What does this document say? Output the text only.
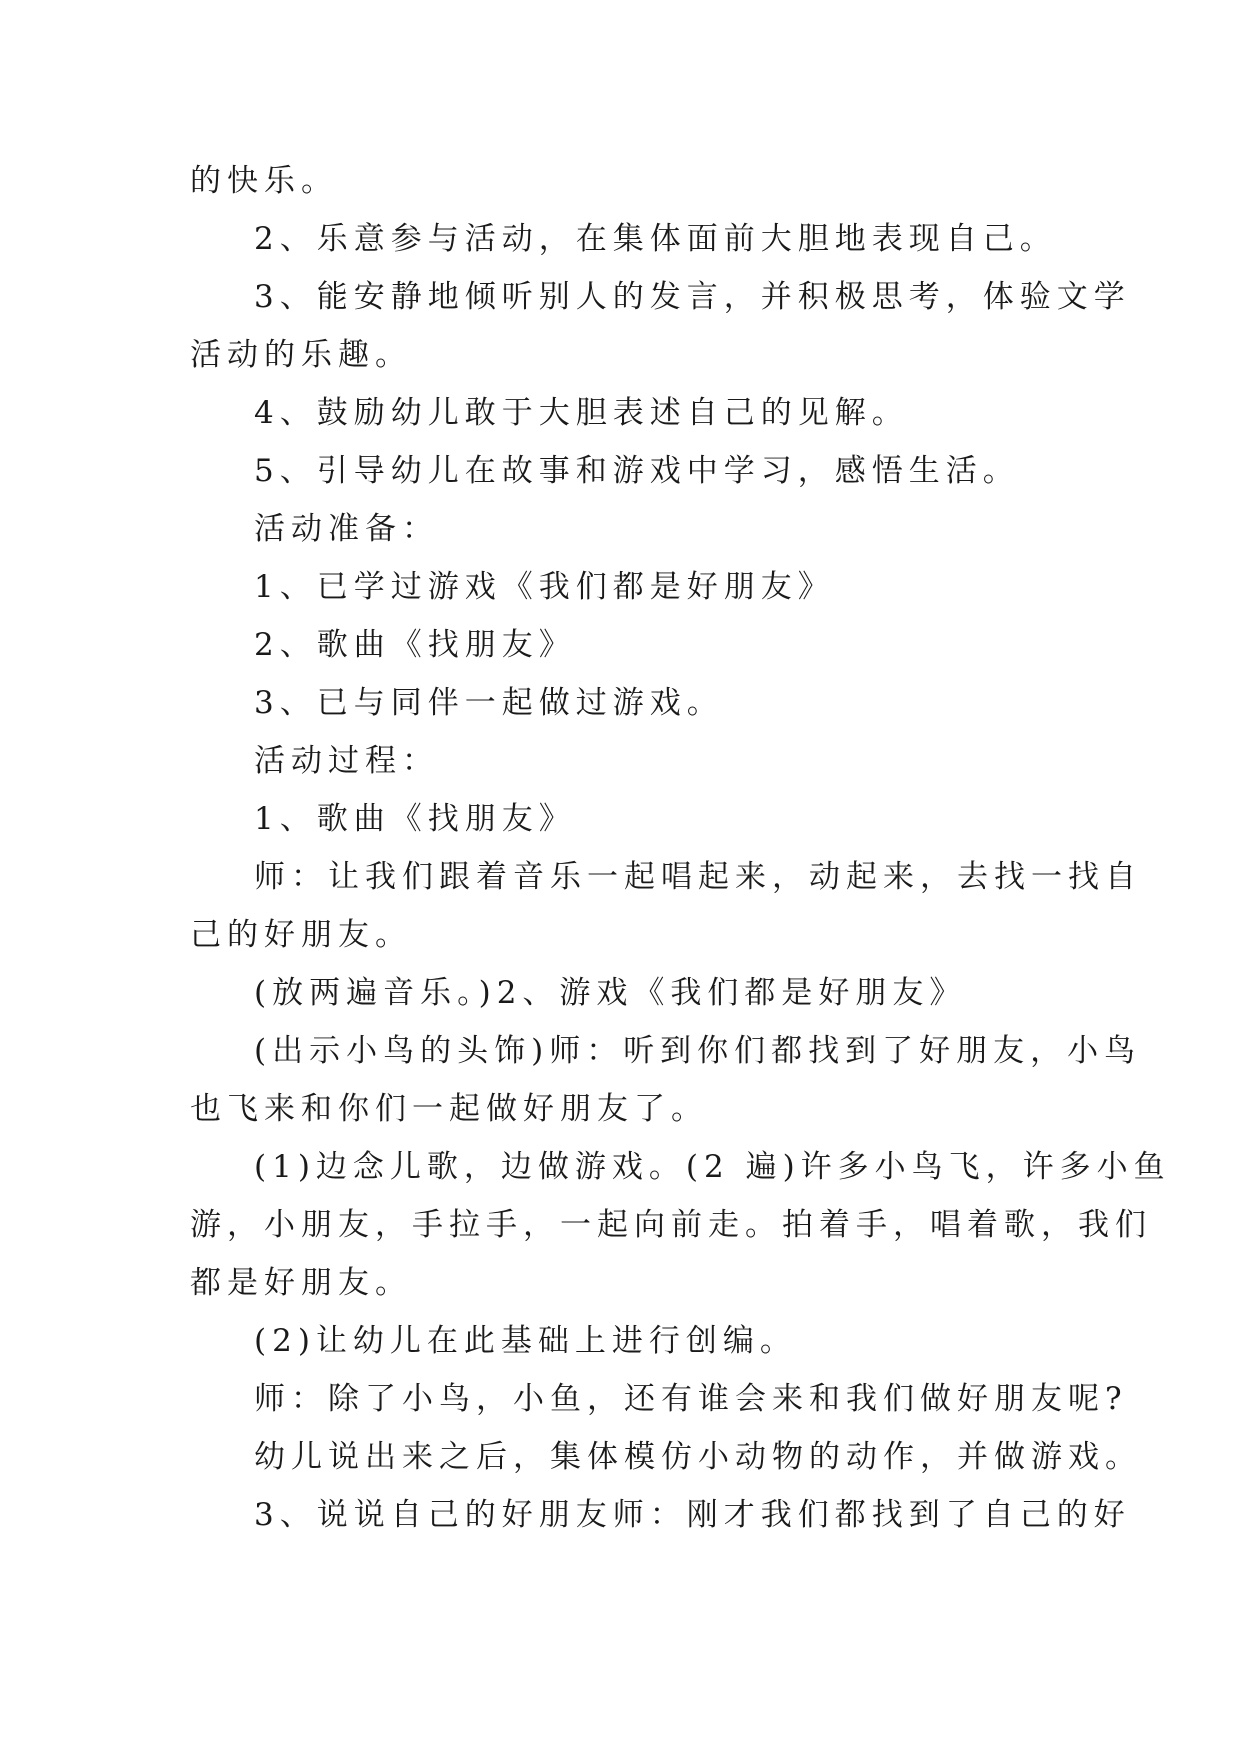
的快乐。

2、乐意参与活动，在集体面前大胆地表现自己。

3、能安静地倾听别人的发言，并积极思考，体验文学

活动的乐趣。

4、鼓励幼儿敢于大胆表述自己的见解。

5、引导幼儿在故事和游戏中学习，感悟生活。

活动准备：

1、已学过游戏《我们都是好朋友》

2、歌曲《找朋友》

3、已与同伴一起做过游戏。

活动过程：

1、歌曲《找朋友》

师：让我们跟着音乐一起唱起来，动起来，去找一找自

己的好朋友。

(放两遍音乐。)2、游戏《我们都是好朋友》

(出示小鸟的头饰)师：听到你们都找到了好朋友，小鸟

也飞来和你们一起做好朋友了。

(1)边念儿歌，边做游戏。(2 遍)许多小鸟飞，许多小鱼

游，小朋友，手拉手，一起向前走。拍着手，唱着歌，我们

都是好朋友。

(2)让幼儿在此基础上进行创编。

师：除了小鸟，小鱼，还有谁会来和我们做好朋友呢?

幼儿说出来之后，集体模仿小动物的动作，并做游戏。

3、说说自己的好朋友师：刚才我们都找到了自己的好
